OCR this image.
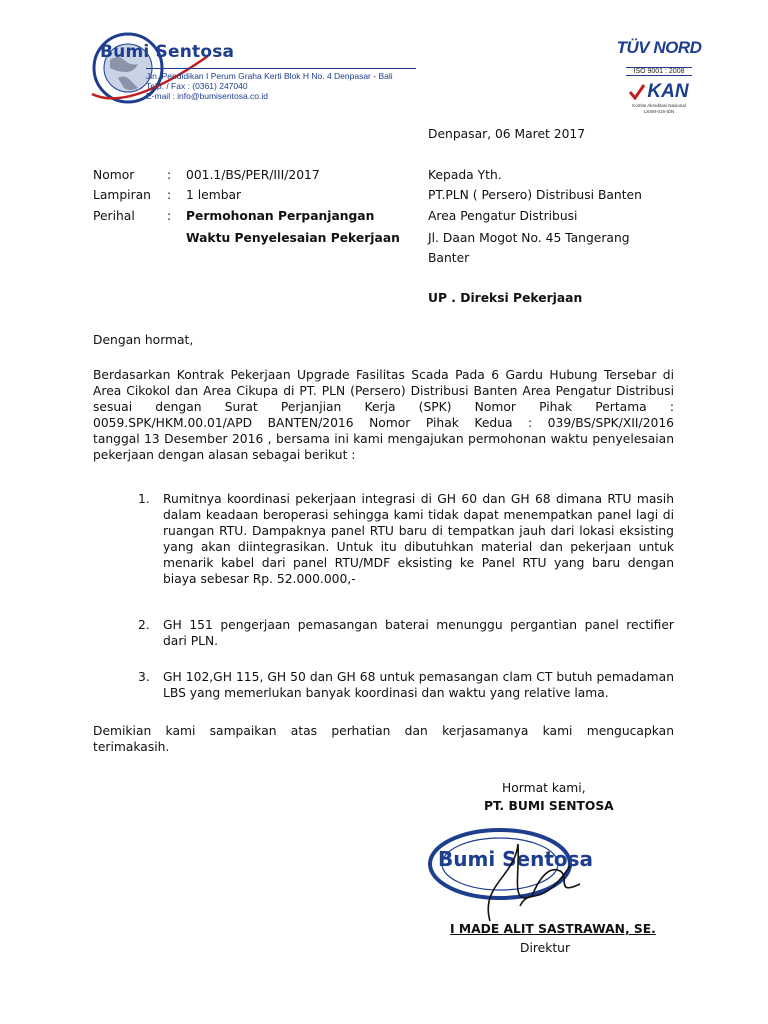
Bumi Sentosa
Jln. Pendidikan I Perum Graha Kerti Blok H No. 4 Denpasar - Bali
Telp. / Fax : (0361) 247040
E-mail : info@bumisentosa.co.id
TÜV NORD
ISO 9001 : 2008
KAN
Komite Akreditasi Nasional
LSSM-016-IDN
Denpasar, 06 Maret 2017
Nomor	: 001.1/BS/PER/III/2017
Lampiran : 1 lembar
Perihal	: Permohonan Perpanjangan
Waktu Penyelesaian Pekerjaan
Kepada Yth.
PT.PLN ( Persero) Distribusi Banten
Area Pengatur Distribusi
Jl. Daan Mogot No. 45 Tangerang
Banter
UP . Direksi Pekerjaan
Dengan hormat,
Berdasarkan Kontrak Pekerjaan Upgrade Fasilitas Scada Pada 6 Gardu Hubung Tersebar di
Area Cikokol dan Area Cikupa di PT. PLN (Persero) Distribusi Banten Area Pengatur Distribusi
sesuai dengan Surat Perjanjian Kerja (SPK) Nomor Pihak Pertama :
0059.SPK/HKM.00.01/APD BANTEN/2016 Nomor Pihak Kedua : 039/BS/SPK/XII/2016
tanggal 13 Desember 2016 , bersama ini kami mengajukan permohonan waktu penyelesaian
pekerjaan dengan alasan sebagai berikut :
1. Rumitnya koordinasi pekerjaan integrasi di GH 60 dan GH 68 dimana RTU masih
dalam keadaan beroperasi sehingga kami tidak dapat menempatkan panel lagi di
ruangan RTU. Dampaknya panel RTU baru di tempatkan jauh dari lokasi eksisting
yang akan diintegrasikan. Untuk itu dibutuhkan material dan pekerjaan untuk
menarik kabel dari panel RTU/MDF eksisting ke Panel RTU yang baru dengan
biaya sebesar Rp. 52.000.000,-
2. GH 151 pengerjaan pemasangan baterai menunggu pergantian panel rectifier
dari PLN.
3. GH 102,GH 115, GH 50 dan GH 68 untuk pemasangan clam CT butuh pemadaman
LBS yang memerlukan banyak koordinasi dan waktu yang relative lama.
Demikian kami sampaikan atas perhatian dan kerjasamanya kami mengucapkan
terimakasih.
Hormat kami,
PT. BUMI SENTOSA
Bumi Sentosa
I MADE ALIT SASTRAWAN, SE.
Direktur
